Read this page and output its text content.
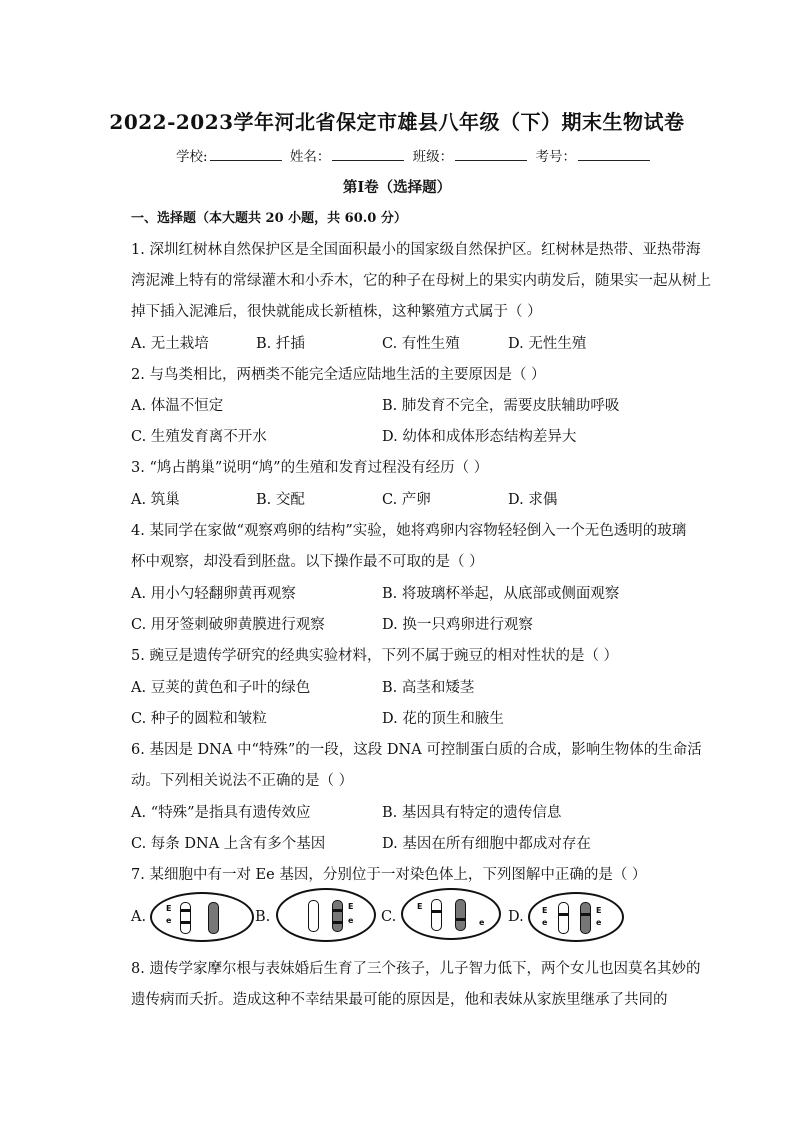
2022-2023学年河北省保定市雄县八年级（下）期末生物试卷
学校:	姓名：	班级：	考号：
第Ⅰ卷（选择题）
一、选择题（本大题共 20 小题，共 60.0 分）
1. 深圳红树林自然保护区是全国面积最小的国家级自然保护区。红树林是热带、亚热带海
湾泥滩上特有的常绿灌木和小乔木，它的种子在母树上的果实内萌发后，随果实一起从树上
掉下插入泥滩后，很快就能成长新植株，这种繁殖方式属于（ ）
A. 无土栽培	B. 扦插	C. 有性生殖	D. 无性生殖
2. 与鸟类相比，两栖类不能完全适应陆地生活的主要原因是（ ）
A. 体温不恒定	B. 肺发育不完全，需要皮肤辅助呼吸
C. 生殖发育离不开水	D. 幼体和成体形态结构差异大
3. “鸠占鹊巢”说明“鸠”的生殖和发育过程没有经历（ ）
A. 筑巢	B. 交配	C. 产卵	D. 求偶
4. 某同学在家做“观察鸡卵的结构”实验，她将鸡卵内容物轻轻倒入一个无色透明的玻璃
杯中观察，却没看到胚盘。以下操作最不可取的是（ ）
A. 用小勺轻翻卵黄再观察	B. 将玻璃杯举起，从底部或侧面观察
C. 用牙签刺破卵黄膜进行观察	D. 换一只鸡卵进行观察
5. 豌豆是遗传学研究的经典实验材料，下列不属于豌豆的相对性状的是（ ）
A. 豆荚的黄色和子叶的绿色	B. 高茎和矮茎
C. 种子的圆粒和皱粒	D. 花的顶生和腋生
6. 基因是 DNA 中“特殊”的一段，这段 DNA 可控制蛋白质的合成，影响生物体的生命活
动。下列相关说法不正确的是（ ）
A. “特殊”是指具有遗传效应	B. 基因具有特定的遗传信息
C. 每条 DNA 上含有多个基因	D. 基因在所有细胞中都成对存在
7. 某细胞中有一对 Ee 基因，分别位于一对染色体上，下列图解中正确的是（ ）
A.
E
e	B.
E
e C.
E
e D. E
e
E
e
8. 遗传学家摩尔根与表妹婚后生育了三个孩子，儿子智力低下，两个女儿也因莫名其妙的
遗传病而夭折。造成这种不幸结果最可能的原因是，他和表妹从家族里继承了共同的
